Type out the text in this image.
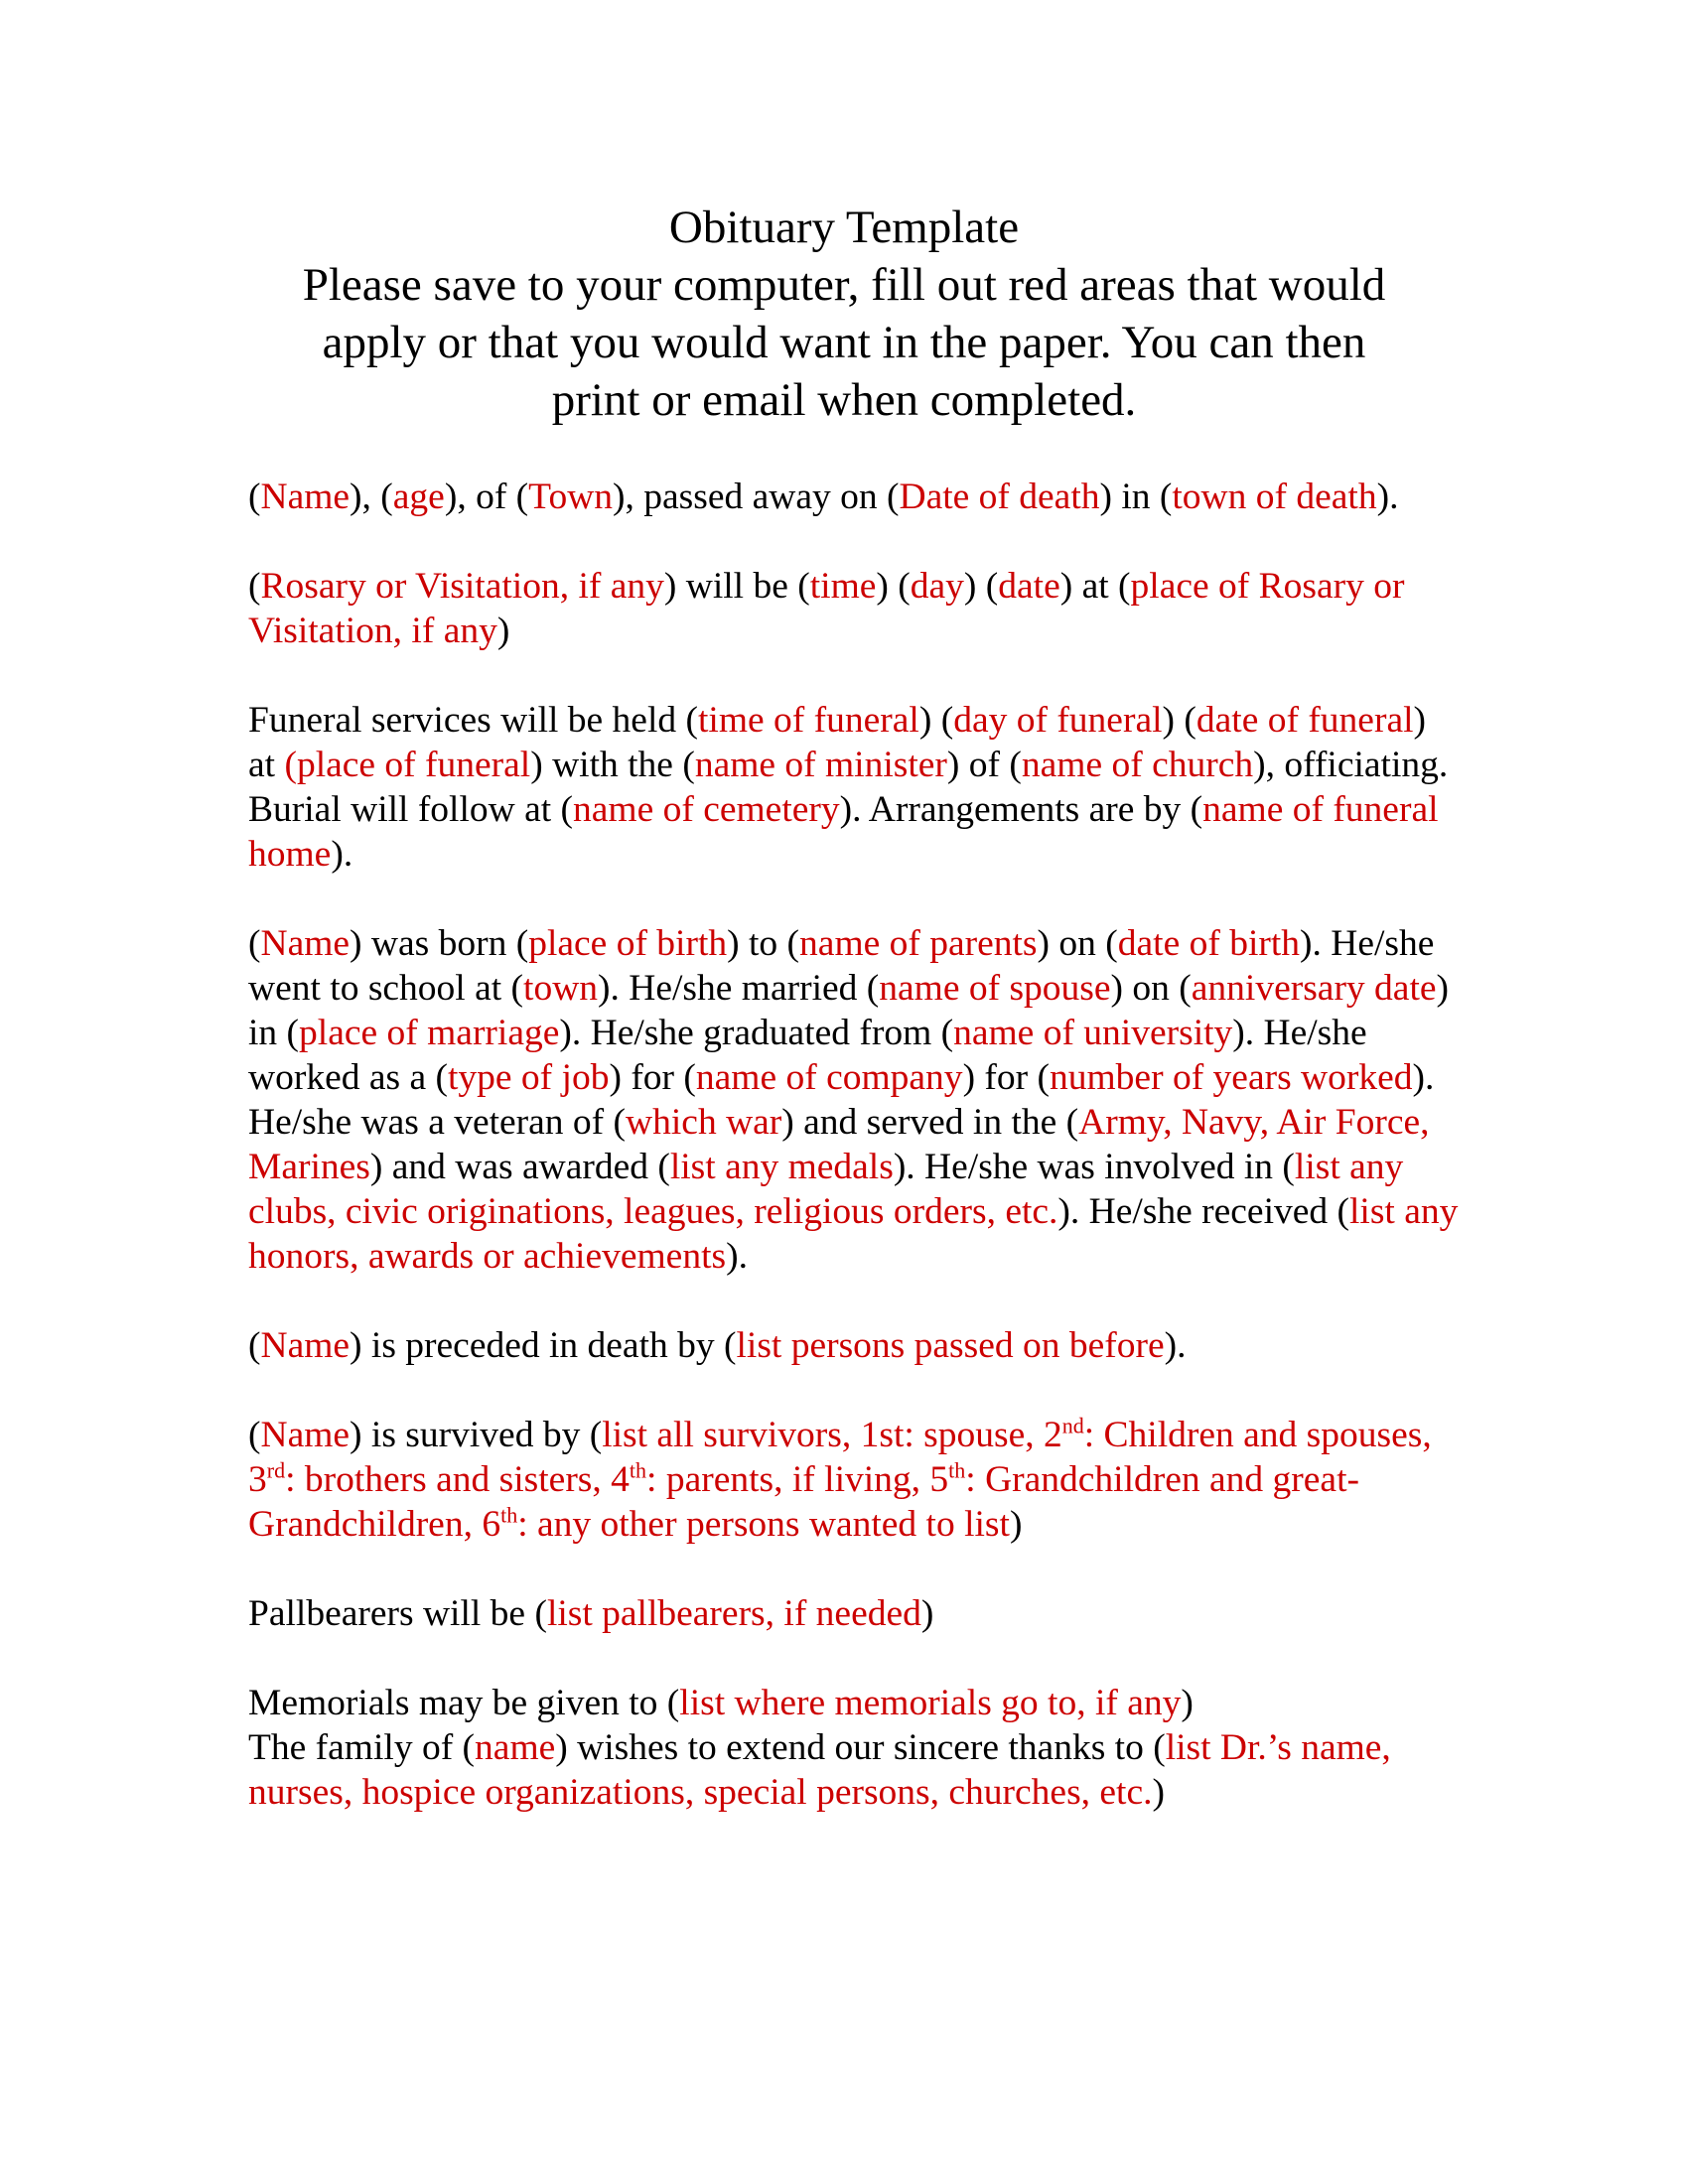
Obituary Template
Please save to your computer, fill out red areas that would
apply or that you would want in the paper. You can then
print or email when completed.

(Name), (age), of (Town), passed away on (Date of death) in (town of death).

(Rosary or Visitation, if any) will be (time) (day) (date) at (place of Rosary or Visitation, if any)

Funeral services will be held (time of funeral) (day of funeral) (date of funeral) at (place of funeral) with the (name of minister) of (name of church), officiating. Burial will follow at (name of cemetery). Arrangements are by (name of funeral home).

(Name) was born (place of birth) to (name of parents) on (date of birth). He/she went to school at (town). He/she married (name of spouse) on (anniversary date) in (place of marriage). He/she graduated from (name of university). He/she worked as a (type of job) for (name of company) for (number of years worked). He/she was a veteran of (which war) and served in the (Army, Navy, Air Force, Marines) and was awarded (list any medals). He/she was involved in (list any clubs, civic originations, leagues, religious orders, etc.). He/she received (list any honors, awards or achievements).

(Name) is preceded in death by (list persons passed on before).

(Name) is survived by (list all survivors, 1st: spouse, 2nd: Children and spouses, 3rd: brothers and sisters, 4th: parents, if living, 5th: Grandchildren and great-Grandchildren, 6th: any other persons wanted to list)

Pallbearers will be (list pallbearers, if needed)

Memorials may be given to (list where memorials go to, if any)

The family of (name) wishes to extend our sincere thanks to (list Dr.’s name, nurses, hospice organizations, special persons, churches, etc.)
